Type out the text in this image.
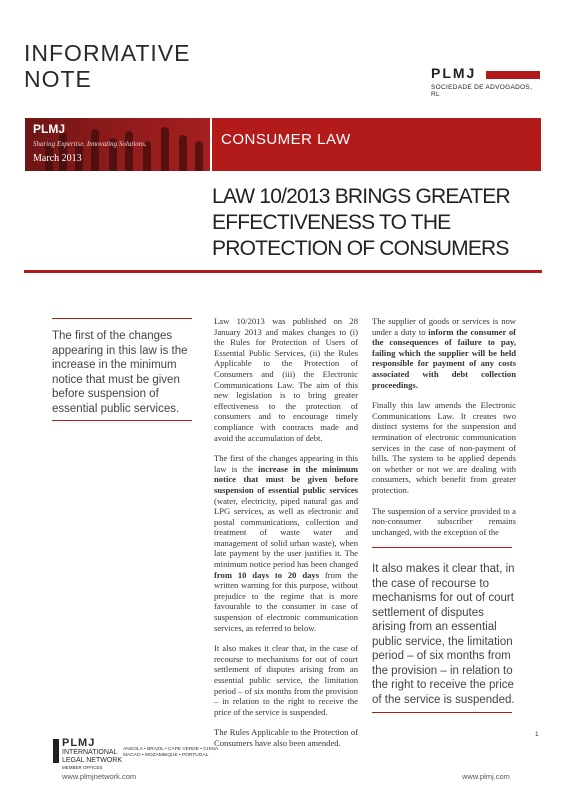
INFORMATIVE
NOTE	PLMJ
SOCIEDADE DE ADVOGADOS, RL
PLMJ
Sharing Expertise. Innovating Solutions.
March 2013
CONSUMER LAW
LAW 10/2013 BRINGS GREATER
EFFECTIVENESS TO THE
PROTECTION OF CONSUMERS
The first of the changes appearing in this law is the increase in the minimum notice that must be given before suspension of essential public services.

Law 10/2013 was published on 28 January 2013 and makes changes to (i) the Rules for Protection of Users of Essential Public Services, (ii) the Rules Applicable to the Protection of Consumers and (iii) the Electronic Communications Law. The aim of this new legislation is to bring greater effectiveness to the protection of consumers and to encourage timely compliance with contracts made and avoid the accumulation of debt.

The first of the changes appearing in this law is the increase in the minimum notice that must be given before suspension of essential public services (water, electricity, piped natural gas and LPG services, as well as electronic and postal communications, collection and treatment of waste water and management of solid urban waste), when late payment by the user justifies it. The minimum notice period has been changed from 10 days to 20 days from the written warning for this purpose, without prejudice to the regime that is more favourable to the consumer in case of suspension of electronic communication services, as referred to below.

It also makes it clear that, in the case of recourse to mechanisms for out of court settlement of disputes arising from an essential public service, the limitation period – of six months from the provision – in relation to the right to receive the price of the service is suspended.

The Rules Applicable to the Protection of Consumers have also been amended.

The supplier of goods or services is now under a duty to inform the consumer of the consequences of failure to pay, failing which the supplier will be held responsible for payment of any costs associated with debt collection proceedings.

Finally this law amends the Electronic Communications Law. It creates two distinct systems for the suspension and termination of electronic communication services in the case of non-payment of bills. The system to be applied depends on whether or not we are dealing with consumers, which benefit from greater protection.

The suspension of a service provided to a non-consumer subscriber remains unchanged, with the exception of the

It also makes it clear that, in the case of recourse to mechanisms for out of court settlement of disputes arising from an essential public service, the limitation period – of six months from the provision – in relation to the right to receive the price of the service is suspended.
1
PLMJ
INTERNATIONAL
LEGAL NETWORK
MEMBER OFFICES
ANGOLA • BRAZIL • CAPE VERDE • CHINA
MACAO • MOZAMBIQUE • PORTUGAL
www.plmjnetwork.com	www.plmj.com
